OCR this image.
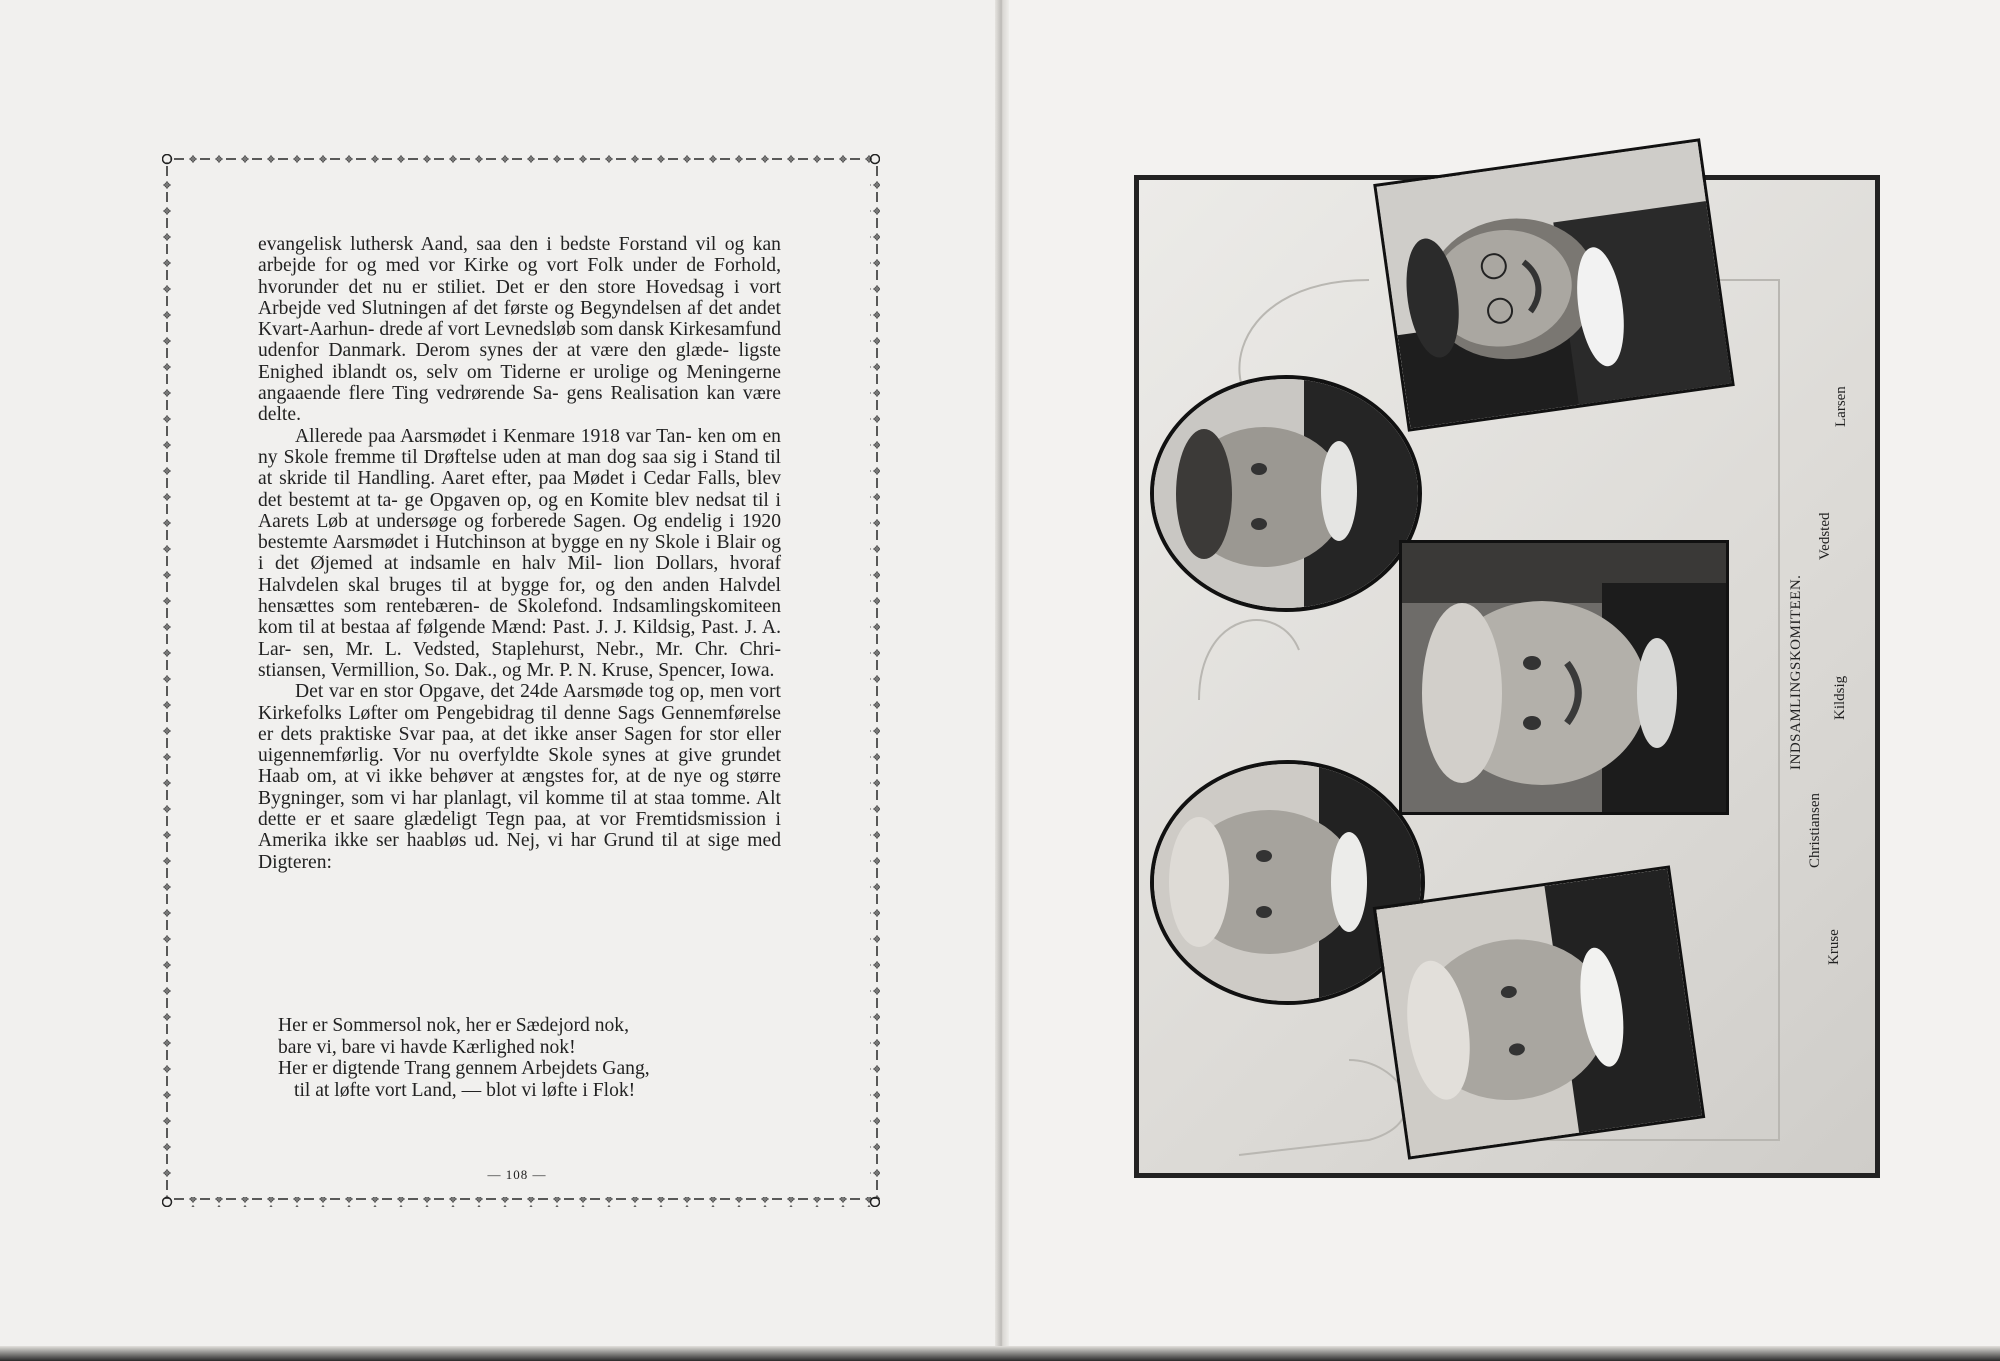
evangelisk luthersk Aand, saa den i bedste Forstand vil og kan arbejde for og med vor Kirke og vort Folk under de Forhold, hvorunder det nu er stiliet. Det er den store Hovedsag i vort Arbejde ved Slutningen af det første og Begyndelsen af det andet Kvart-Aarhun- drede af vort Levnedsløb som dansk Kirkesamfund udenfor Danmark. Derom synes der at være den glæde- ligste Enighed iblandt os, selv om Tiderne er urolige og Meningerne angaaende flere Ting vedrørende Sa- gens Realisation kan være delte.

Allerede paa Aarsmødet i Kenmare 1918 var Tan- ken om en ny Skole fremme til Drøftelse uden at man dog saa sig i Stand til at skride til Handling. Aaret efter, paa Mødet i Cedar Falls, blev det bestemt at ta- ge Opgaven op, og en Komite blev nedsat til i Aarets Løb at undersøge og forberede Sagen. Og endelig i 1920 bestemte Aarsmødet i Hutchinson at bygge en ny Skole i Blair og i det Øjemed at indsamle en halv Mil- lion Dollars, hvoraf Halvdelen skal bruges til at bygge for, og den anden Halvdel hensættes som rentebæren- de Skolefond. Indsamlingskomiteen kom til at bestaa af følgende Mænd: Past. J. J. Kildsig, Past. J. A. Lar- sen, Mr. L. Vedsted, Staplehurst, Nebr., Mr. Chr. Chri- stiansen, Vermillion, So. Dak., og Mr. P. N. Kruse, Spencer, Iowa.

Det var en stor Opgave, det 24de Aarsmøde tog op, men vort Kirkefolks Løfter om Pengebidrag til denne Sags Gennemførelse er dets praktiske Svar paa, at det ikke anser Sagen for stor eller uigennemførlig. Vor nu overfyldte Skole synes at give grundet Haab om, at vi ikke behøver at ængstes for, at de nye og større Bygninger, som vi har planlagt, vil komme til at staa tomme. Alt dette er et saare glædeligt Tegn paa, at vor Fremtidsmission i Amerika ikke ser haabløs ud. Nej, vi har Grund til at sige med Digteren:

Her er Sommersol nok, her er Sædejord nok,
bare vi, bare vi havde Kærlighed nok!
Her er digtende Trang gennem Arbejdets Gang,
til at løfte vort Land, — blot vi løfte i Flok!
— 108 —
INDSAMLINGSKOMITEEN.
Kruse
Christiansen
Kildsig
Vedsted
Larsen
